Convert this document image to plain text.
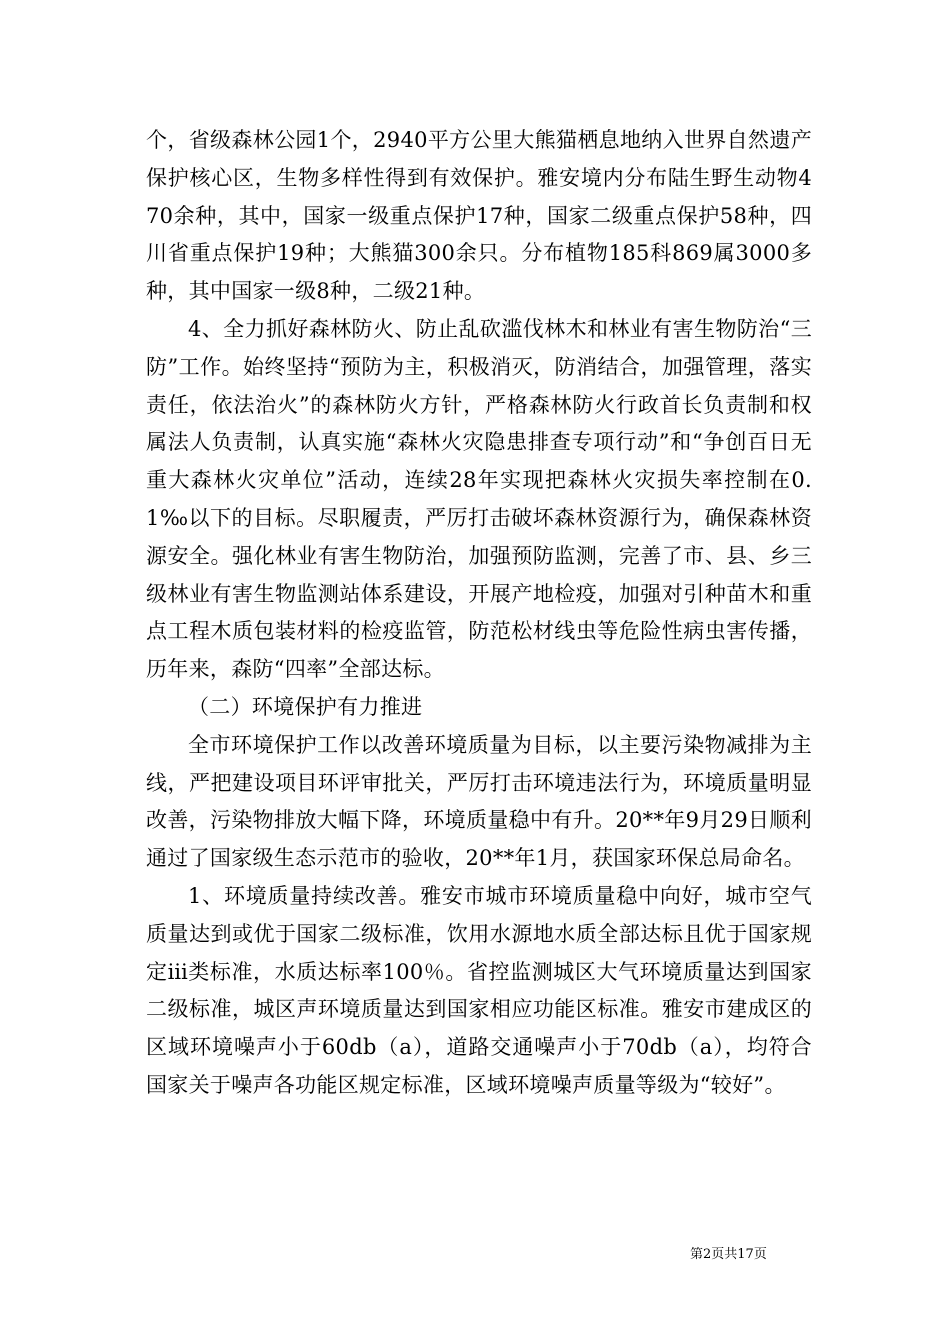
个，省级森林公园1个，2940平方公里大熊猫栖息地纳入世界自然遗产保护核心区，生物多样性得到有效保护。雅安境内分布陆生野生动物470余种，其中，国家一级重点保护17种，国家二级重点保护58种，四川省重点保护19种；大熊猫300余只。分布植物185科869属3000多种，其中国家一级8种，二级21种。

4、全力抓好森林防火、防止乱砍滥伐林木和林业有害生物防治“三防”工作。始终坚持“预防为主，积极消灭，防消结合，加强管理，落实责任，依法治火”的森林防火方针，严格森林防火行政首长负责制和权属法人负责制，认真实施“森林火灾隐患排查专项行动”和“争创百日无重大森林火灾单位”活动，连续28年实现把森林火灾损失率控制在0.1‰以下的目标。尽职履责，严厉打击破坏森林资源行为，确保森林资源安全。强化林业有害生物防治，加强预防监测，完善了市、县、乡三级林业有害生物监测站体系建设，开展产地检疫，加强对引种苗木和重点工程木质包装材料的检疫监管，防范松材线虫等危险性病虫害传播，历年来，森防“四率”全部达标。

（二）环境保护有力推进

全市环境保护工作以改善环境质量为目标，以主要污染物减排为主线，严把建设项目环评审批关，严厉打击环境违法行为，环境质量明显改善，污染物排放大幅下降，环境质量稳中有升。20**年9月29日顺利通过了国家级生态示范市的验收，20**年1月，获国家环保总局命名。

1、环境质量持续改善。雅安市城市环境质量稳中向好，城市空气质量达到或优于国家二级标准，饮用水源地水质全部达标且优于国家规定ⅲ类标准，水质达标率100％。省控监测城区大气环境质量达到国家二级标准，城区声环境质量达到国家相应功能区标准。雅安市建成区的区域环境噪声小于60db（a），道路交通噪声小于70db（a），均符合国家关于噪声各功能区规定标准，区域环境噪声质量等级为“较好”。

第2页共17页
